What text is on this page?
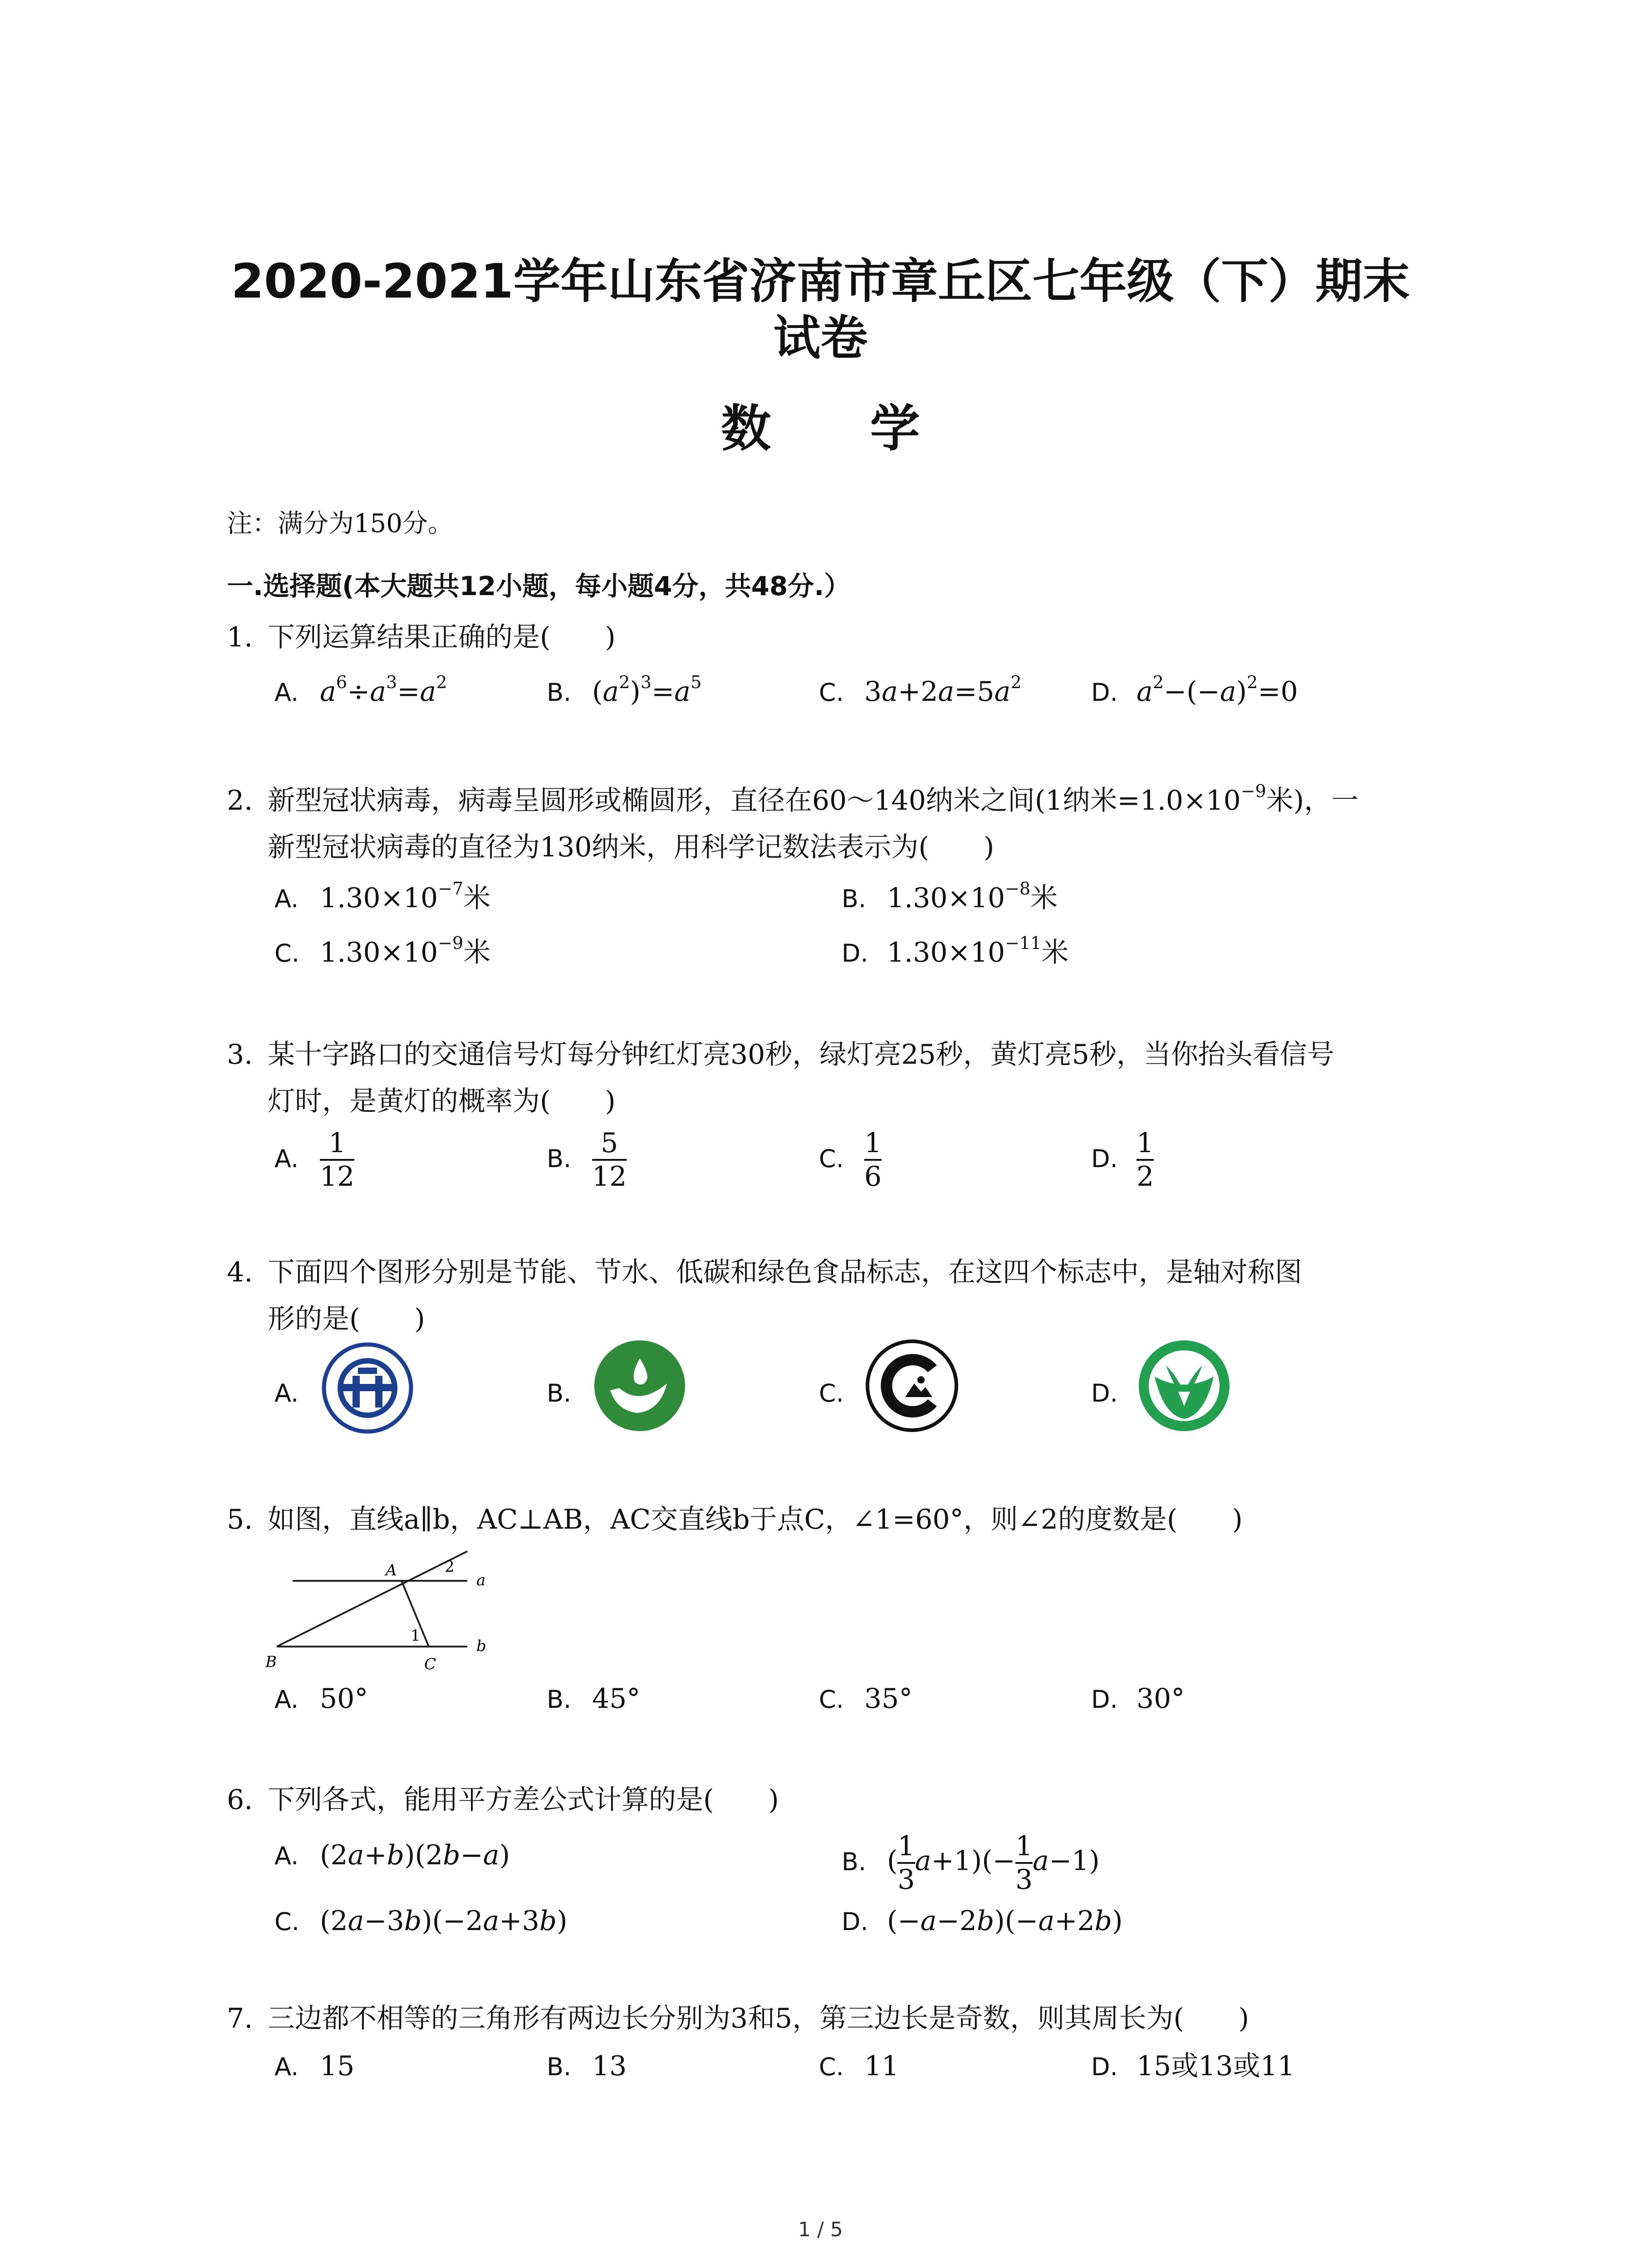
2020-2021学年山东省济南市章丘区七年级（下）期末
试卷
数 学
注：满分为150分。
一.选择题(本大题共12小题，每小题4分，共48分.）
1. 下列运算结果正确的是(　　)
A. $a^6\div a^3=a^2$	B. $(a^2)^3=a^5$	C. $3a+2a=5a^2$	D. $a^2-(-a)^2=0$
2. 新型冠状病毒，病毒呈圆形或椭圆形，直径在60～140纳米之间(1纳米$=1.0\times 10^{-9}$米)，一
新型冠状病毒的直径为130纳米，用科学记数法表示为(　　)
A. $1.30\times 10^{-7}$米	B. $1.30\times 10^{-8}$米
C. $1.30\times 10^{-9}$米	D. $1.30\times 10^{-11}$米
3. 某十字路口的交通信号灯每分钟红灯亮30秒，绿灯亮25秒，黄灯亮5秒，当你抬头看信号
灯时，是黄灯的概率为(　　)
A. $\frac{1}{12}$	B. $\frac{5}{12}$	C. $\frac{1}{6}$	D. $\frac{1}{2}$
4. 下面四个图形分别是节能、节水、低碳和绿色食品标志，在这四个标志中，是轴对称图
形的是(　　)
A.	B.	C.	D.
5. 如图，直线a∥b，AC⊥AB，AC交直线b于点C，∠1=60°，则∠2的度数是(　　)
A	2
a
1
b
B	C
A. 50°	B. 45°	C. 35°	D. 30°
6. 下列各式，能用平方差公式计算的是(　　)
A. (2a+b)(2b−a)	B. ( $\frac{1}{3} a+1)(- \frac{1}{3} a-1)$
C. (2a−3b)(−2a+3b)	D. (−a−2b)(−a+2b)
7. 三边都不相等的三角形有两边长分别为3和5，第三边长是奇数，则其周长为(　　)
A. 15	B. 13	C. 11	D. 15或13或11
1 / 5
